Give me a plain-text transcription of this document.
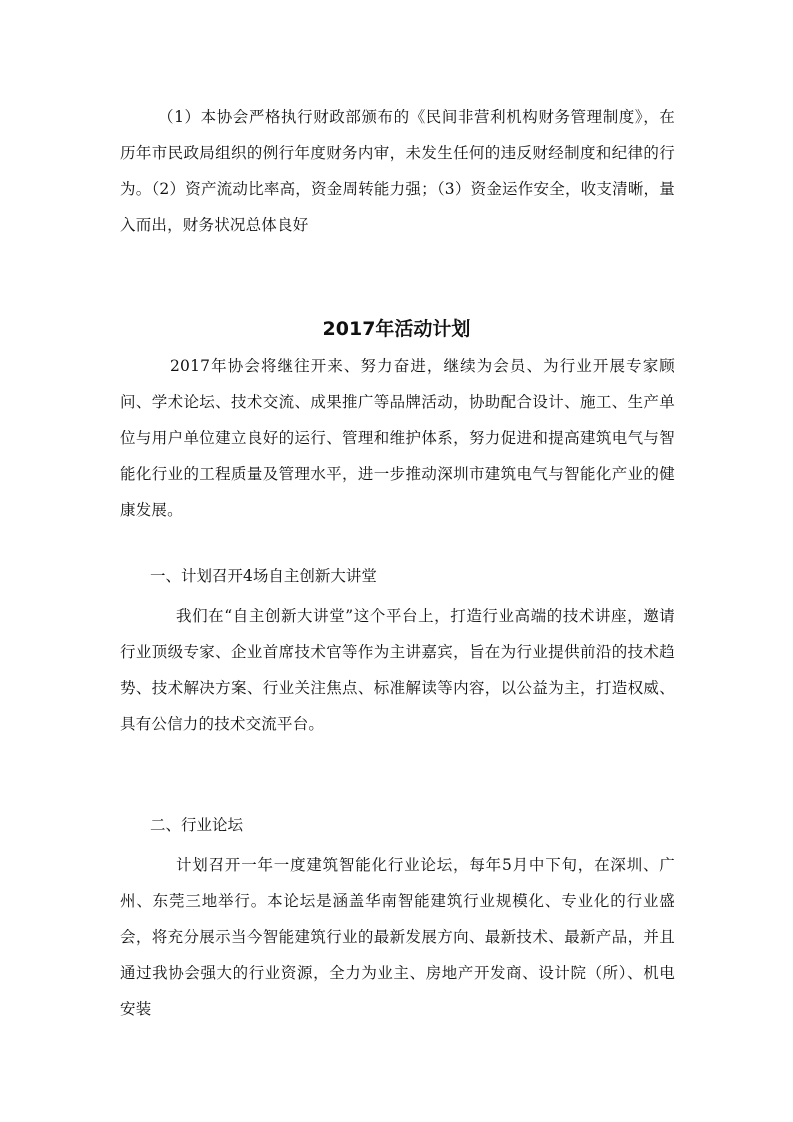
（1）本协会严格执行财政部颁布的《民间非营利机构财务管理制度》，在历年市民政局组织的例行年度财务内审，未发生任何的违反财经制度和纪律的行为。（2）资产流动比率高，资金周转能力强；（3）资金运作安全，收支清晰，量入而出，财务状况总体良好

2017年活动计划

2017年协会将继往开来、努力奋进，继续为会员、为行业开展专家顾问、学术论坛、技术交流、成果推广等品牌活动，协助配合设计、施工、生产单位与用户单位建立良好的运行、管理和维护体系，努力促进和提高建筑电气与智能化行业的工程质量及管理水平，进一步推动深圳市建筑电气与智能化产业的健康发展。

一、计划召开4场自主创新大讲堂

我们在“自主创新大讲堂”这个平台上，打造行业高端的技术讲座，邀请行业顶级专家、企业首席技术官等作为主讲嘉宾，旨在为行业提供前沿的技术趋势、技术解决方案、行业关注焦点、标准解读等内容，以公益为主，打造权威、具有公信力的技术交流平台。

二、行业论坛

计划召开一年一度建筑智能化行业论坛，每年5月中下旬，在深圳、广州、东莞三地举行。本论坛是涵盖华南智能建筑行业规模化、专业化的行业盛会，将充分展示当今智能建筑行业的最新发展方向、最新技术、最新产品，并且通过我协会强大的行业资源，全力为业主、房地产开发商、设计院（所）、机电安装
